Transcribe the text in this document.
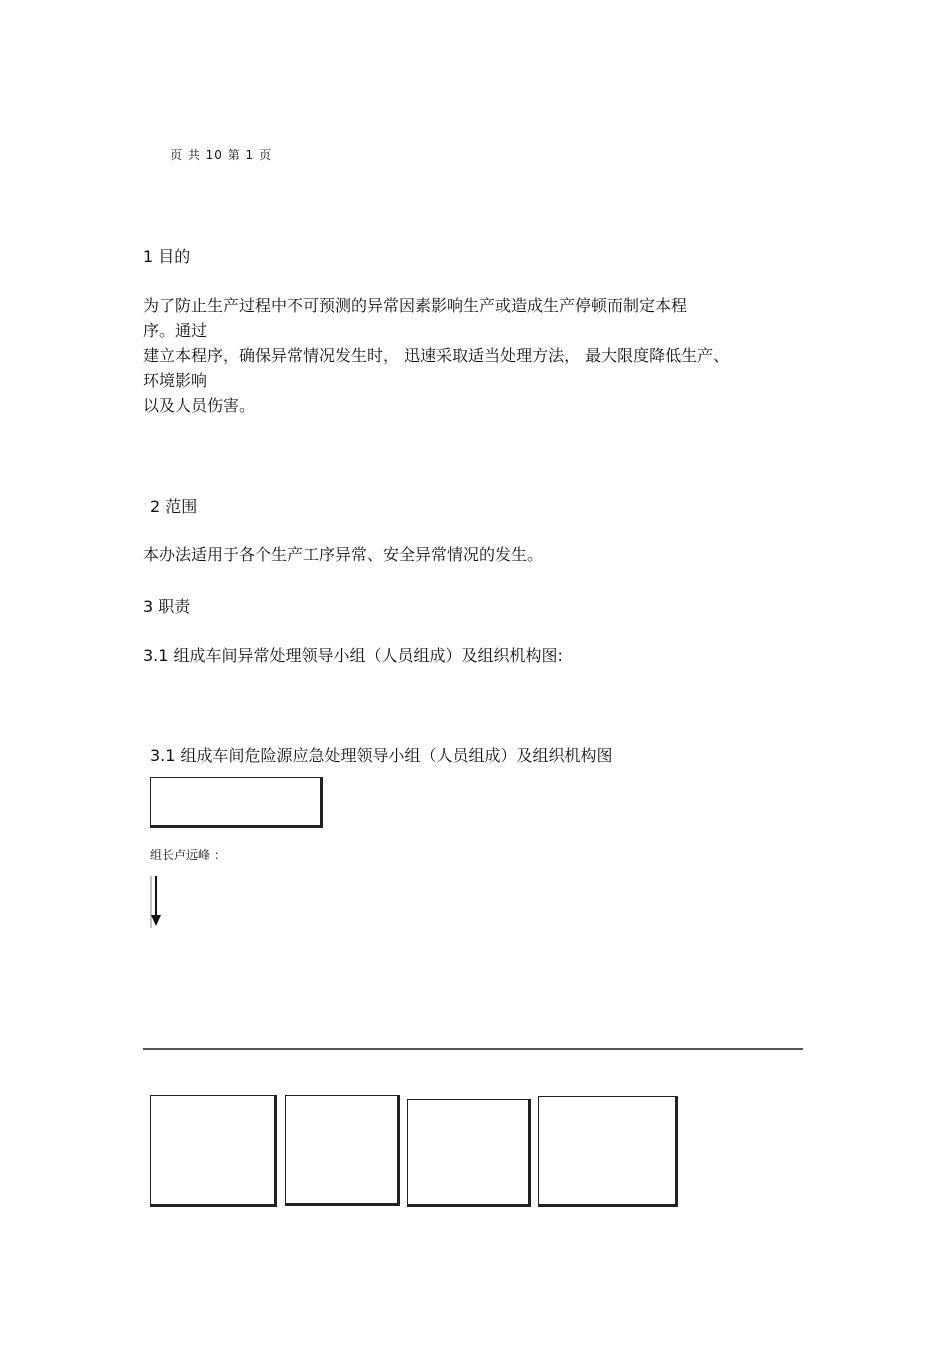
页 共 10 第 1 页
1 目的
为了防止生产过程中不可预测的异常因素影响生产或造成生产停顿而制定本程
序。通过
建立本程序，确保异常情况发生时， 迅速采取适当处理方法， 最大限度降低生产、
环境影响
以及人员伤害。
2 范围
本办法适用于各个生产工序异常、安全异常情况的发生。
3 职责
3.1 组成车间异常处理领导小组（人员组成）及组织机构图:
3.1 组成车间危险源应急处理领导小组（人员组成）及组织机构图
组长卢远峰 ：
